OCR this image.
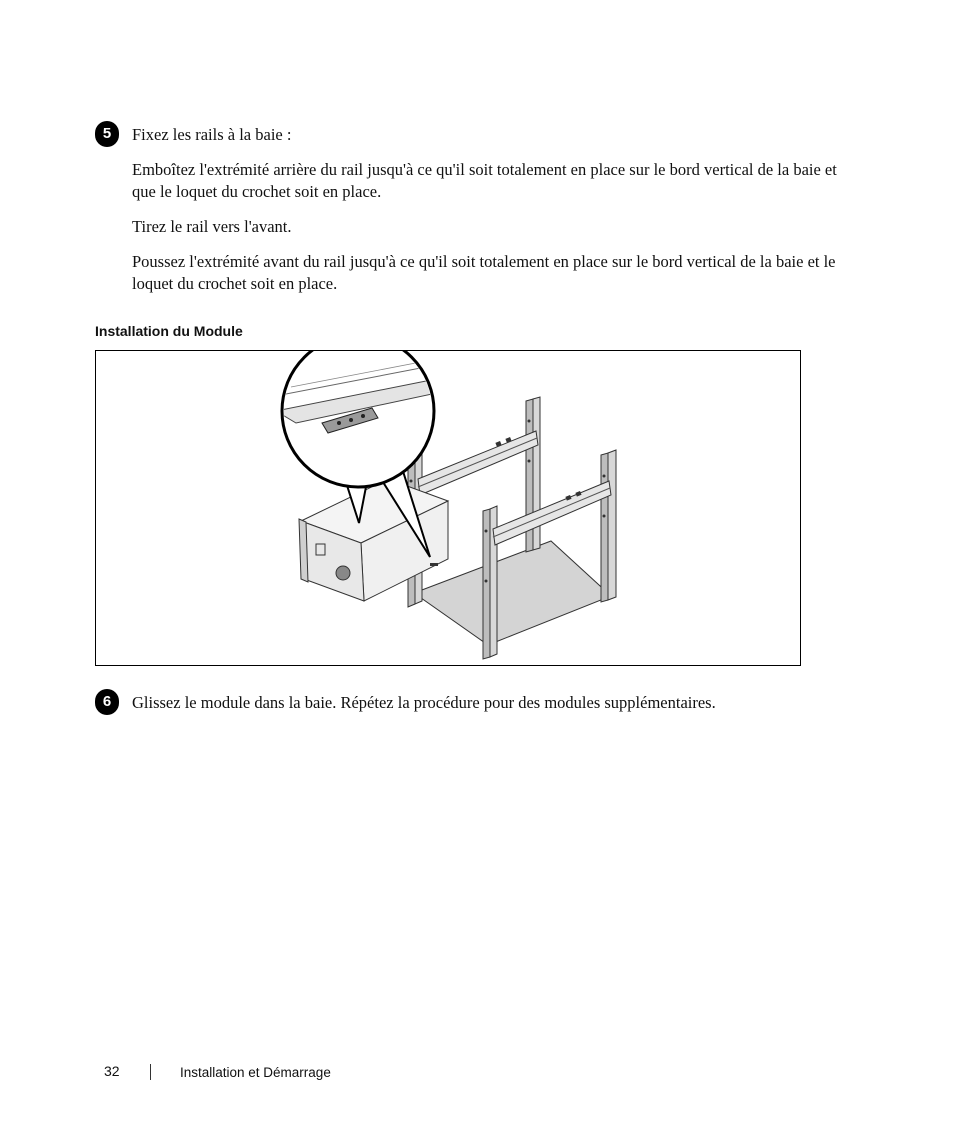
5	Fixez les rails à la baie :

Emboîtez l'extrémité arrière du rail jusqu'à ce qu'il soit totalement en place sur le bord vertical de la baie et que le loquet du crochet soit en place.

Tirez le rail vers l'avant.

Poussez l'extrémité avant du rail jusqu'à ce qu'il soit totalement en place sur le bord vertical de la baie et le loquet du crochet soit en place.

Installation du Module
6	Glissez le module dans la baie. Répétez la procédure pour des modules supplémentaires.

32	Installation et Démarrage
